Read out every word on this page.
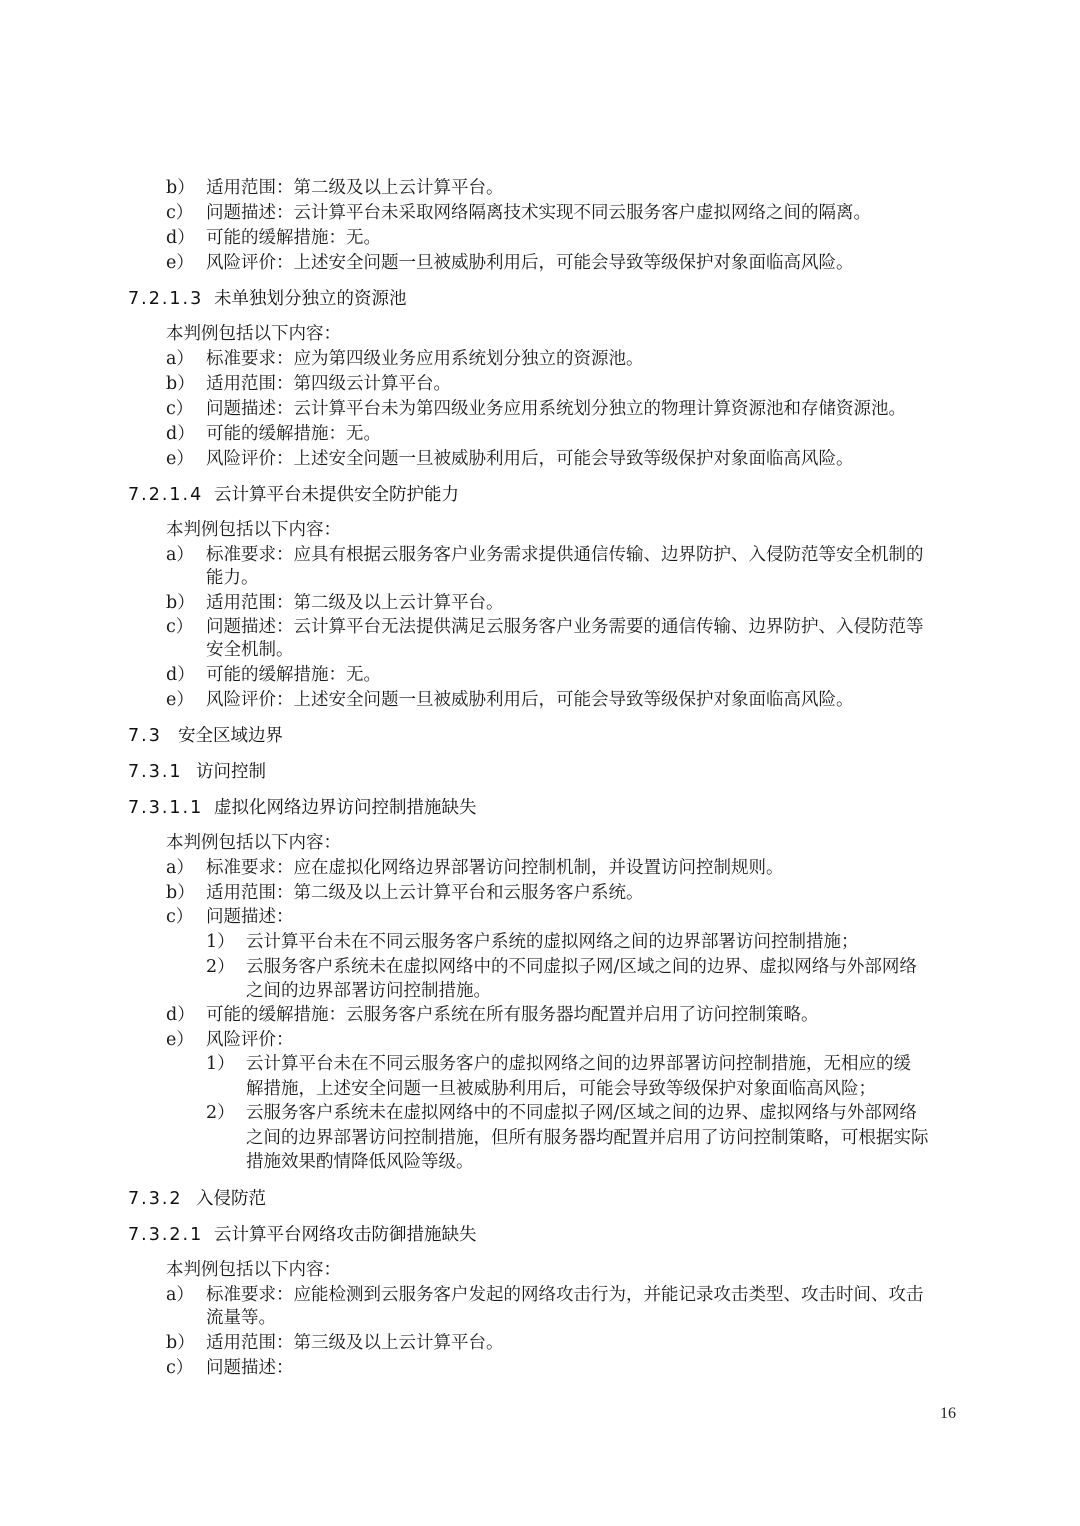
b） 适用范围：第二级及以上云计算平台。
c） 问题描述：云计算平台未采取网络隔离技术实现不同云服务客户虚拟网络之间的隔离。
d） 可能的缓解措施：无。
e） 风险评价：上述安全问题一旦被威胁利用后，可能会导致等级保护对象面临高风险。
7.2.1.3 未单独划分独立的资源池
本判例包括以下内容：
a） 标准要求：应为第四级业务应用系统划分独立的资源池。
b） 适用范围：第四级云计算平台。
c） 问题描述：云计算平台未为第四级业务应用系统划分独立的物理计算资源池和存储资源池。
d） 可能的缓解措施：无。
e） 风险评价：上述安全问题一旦被威胁利用后，可能会导致等级保护对象面临高风险。
7.2.1.4 云计算平台未提供安全防护能力
本判例包括以下内容：
a） 标准要求：应具有根据云服务客户业务需求提供通信传输、边界防护、入侵防范等安全机制的
能力。
b） 适用范围：第二级及以上云计算平台。
c） 问题描述：云计算平台无法提供满足云服务客户业务需要的通信传输、边界防护、入侵防范等
安全机制。
d） 可能的缓解措施：无。
e） 风险评价：上述安全问题一旦被威胁利用后，可能会导致等级保护对象面临高风险。
7.3 安全区域边界
7.3.1 访问控制
7.3.1.1 虚拟化网络边界访问控制措施缺失
本判例包括以下内容：
a） 标准要求：应在虚拟化网络边界部署访问控制机制，并设置访问控制规则。
b） 适用范围：第二级及以上云计算平台和云服务客户系统。
c） 问题描述：
1） 云计算平台未在不同云服务客户系统的虚拟网络之间的边界部署访问控制措施；
2） 云服务客户系统未在虚拟网络中的不同虚拟子网/区域之间的边界、虚拟网络与外部网络
之间的边界部署访问控制措施。
d） 可能的缓解措施：云服务客户系统在所有服务器均配置并启用了访问控制策略。
e） 风险评价：
1） 云计算平台未在不同云服务客户的虚拟网络之间的边界部署访问控制措施，无相应的缓
解措施，上述安全问题一旦被威胁利用后，可能会导致等级保护对象面临高风险；
2） 云服务客户系统未在虚拟网络中的不同虚拟子网/区域之间的边界、虚拟网络与外部网络
之间的边界部署访问控制措施，但所有服务器均配置并启用了访问控制策略，可根据实际
措施效果酌情降低风险等级。
7.3.2 入侵防范
7.3.2.1 云计算平台网络攻击防御措施缺失
本判例包括以下内容：
a） 标准要求：应能检测到云服务客户发起的网络攻击行为，并能记录攻击类型、攻击时间、攻击
流量等。
b） 适用范围：第三级及以上云计算平台。
c） 问题描述：
16
